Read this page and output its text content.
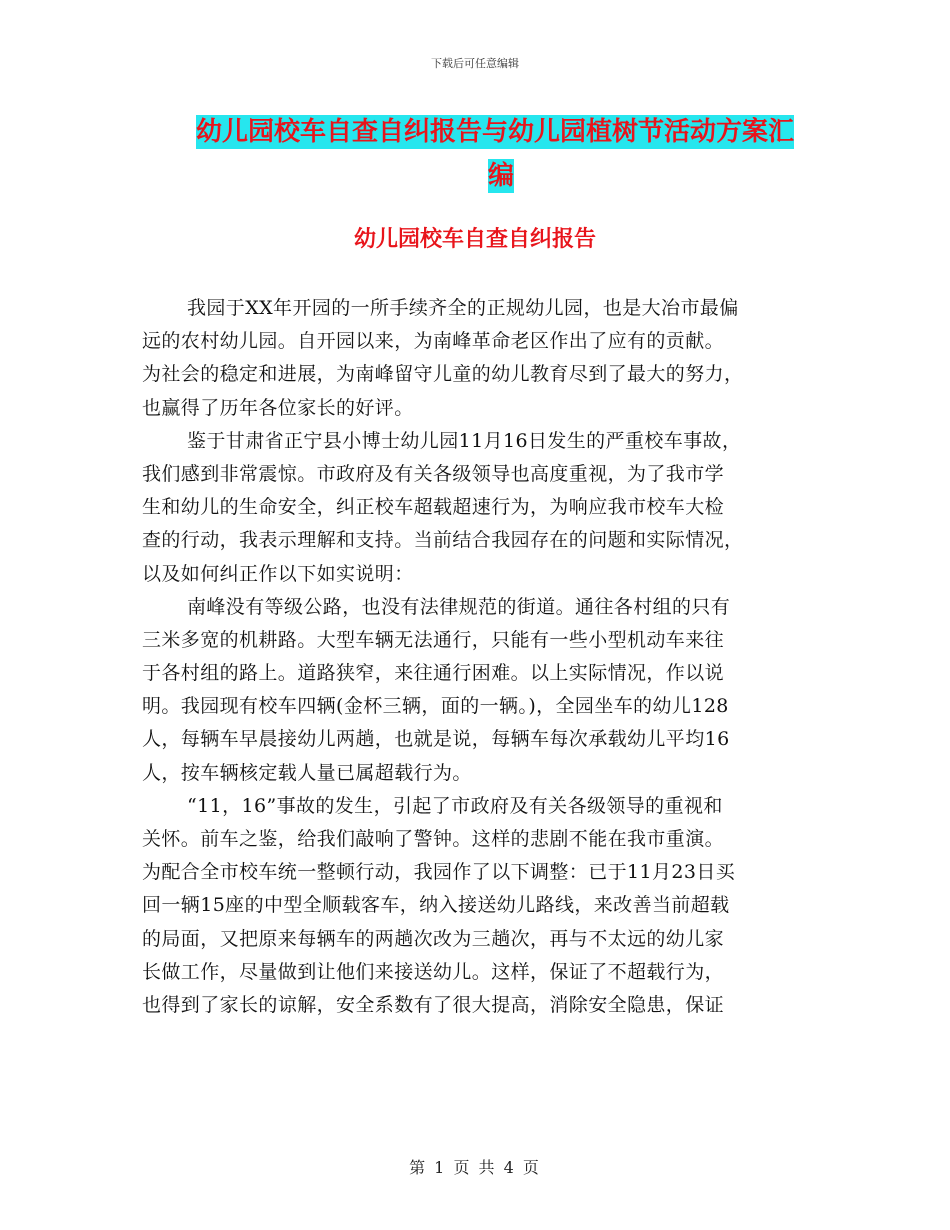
下载后可任意编辑
幼儿园校车自查自纠报告与幼儿园植树节活动方案汇
编
幼儿园校车自查自纠报告
我园于XX年开园的一所手续齐全的正规幼儿园，也是大冶市最偏
远的农村幼儿园。自开园以来，为南峰革命老区作出了应有的贡献。
为社会的稳定和进展，为南峰留守儿童的幼儿教育尽到了最大的努力，
也赢得了历年各位家长的好评。
鉴于甘肃省正宁县小博士幼儿园11月16日发生的严重校车事故，
我们感到非常震惊。市政府及有关各级领导也高度重视，为了我市学
生和幼儿的生命安全，纠正校车超载超速行为，为响应我市校车大检
查的行动，我表示理解和支持。当前结合我园存在的问题和实际情况，
以及如何纠正作以下如实说明：
南峰没有等级公路，也没有法律规范的街道。通往各村组的只有
三米多宽的机耕路。大型车辆无法通行，只能有一些小型机动车来往
于各村组的路上。道路狭窄，来往通行困难。以上实际情况，作以说
明。我园现有校车四辆(金杯三辆，面的一辆。)，全园坐车的幼儿128
人，每辆车早晨接幼儿两趟，也就是说，每辆车每次承载幼儿平均16
人，按车辆核定载人量已属超载行为。
“11，16”事故的发生，引起了市政府及有关各级领导的重视和
关怀。前车之鉴，给我们敲响了警钟。这样的悲剧不能在我市重演。
为配合全市校车统一整顿行动，我园作了以下调整：已于11月23日买
回一辆15座的中型全顺载客车，纳入接送幼儿路线，来改善当前超载
的局面，又把原来每辆车的两趟次改为三趟次，再与不太远的幼儿家
长做工作，尽量做到让他们来接送幼儿。这样，保证了不超载行为，
也得到了家长的谅解，安全系数有了很大提高，消除安全隐患，保证
第 1 页 共 4 页
